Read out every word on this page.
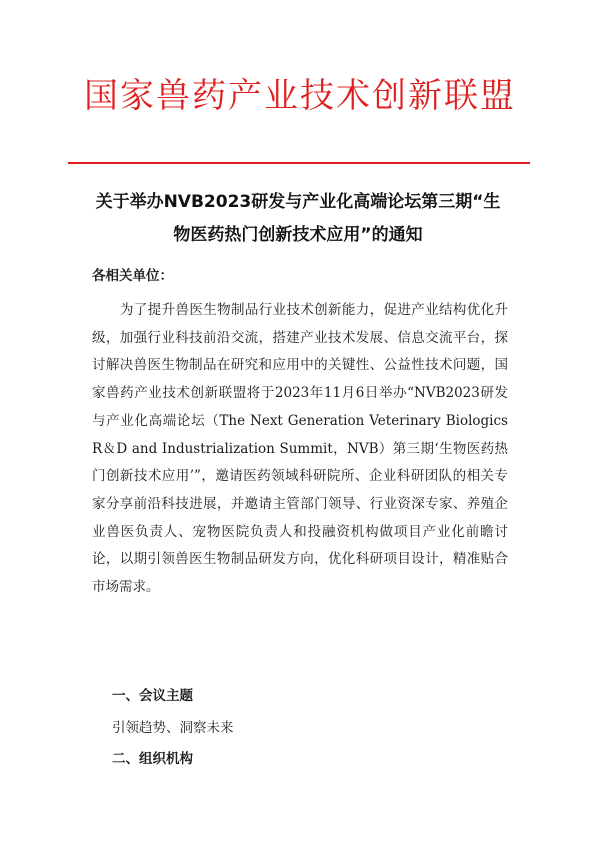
国家兽药产业技术创新联盟
关于举办NVB2023研发与产业化高端论坛第三期“生物医药热门创新技术应用”的通知
各相关单位：
为了提升兽医生物制品行业技术创新能力，促进产业结构优化升级，加强行业科技前沿交流，搭建产业技术发展、信息交流平台，探讨解决兽医生物制品在研究和应用中的关键性、公益性技术问题，国家兽药产业技术创新联盟将于2023年11月6日举办“NVB2023研发与产业化高端论坛（The Next Generation Veterinary Biologics R＆D and Industrialization Summit，NVB）第三期‘生物医药热门创新技术应用’”，邀请医药领域科研院所、企业科研团队的相关专家分享前沿科技进展，并邀请主管部门领导、行业资深专家、养殖企业兽医负责人、宠物医院负责人和投融资机构做项目产业化前瞻讨论，以期引领兽医生物制品研发方向，优化科研项目设计，精准贴合市场需求。
一、会议主题
引领趋势、洞察未来
二、组织机构
